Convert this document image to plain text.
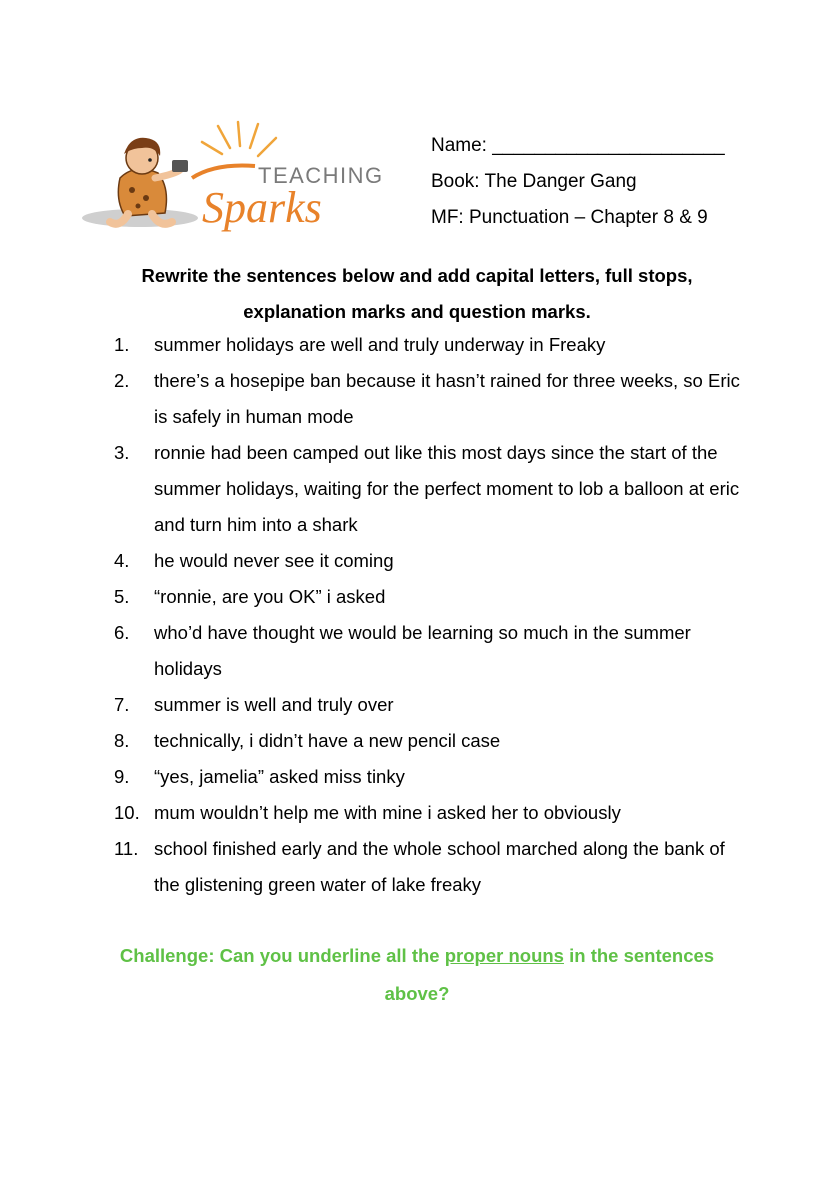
TEACHING
Sparks
Name: ______________________
Book: The Danger Gang
MF: Punctuation – Chapter 8 & 9
Rewrite the sentences below and add capital letters, full stops,
explanation marks and question marks.
1. summer holidays are well and truly underway in Freaky
2. there’s a hosepipe ban because it hasn’t rained for three weeks, so Eric is safely in human mode
3. ronnie had been camped out like this most days since the start of the summer holidays, waiting for the perfect moment to lob a balloon at eric and turn him into a shark
4. he would never see it coming
5. “ronnie, are you OK” i asked
6. who’d have thought we would be learning so much in the summer holidays
7. summer is well and truly over
8. technically, i didn’t have a new pencil case
9. “yes, jamelia” asked miss tinky
10. mum wouldn’t help me with mine i asked her to obviously
11. school finished early and the whole school marched along the bank of the glistening green water of lake freaky
Challenge: Can you underline all the proper nouns in the sentences above?
